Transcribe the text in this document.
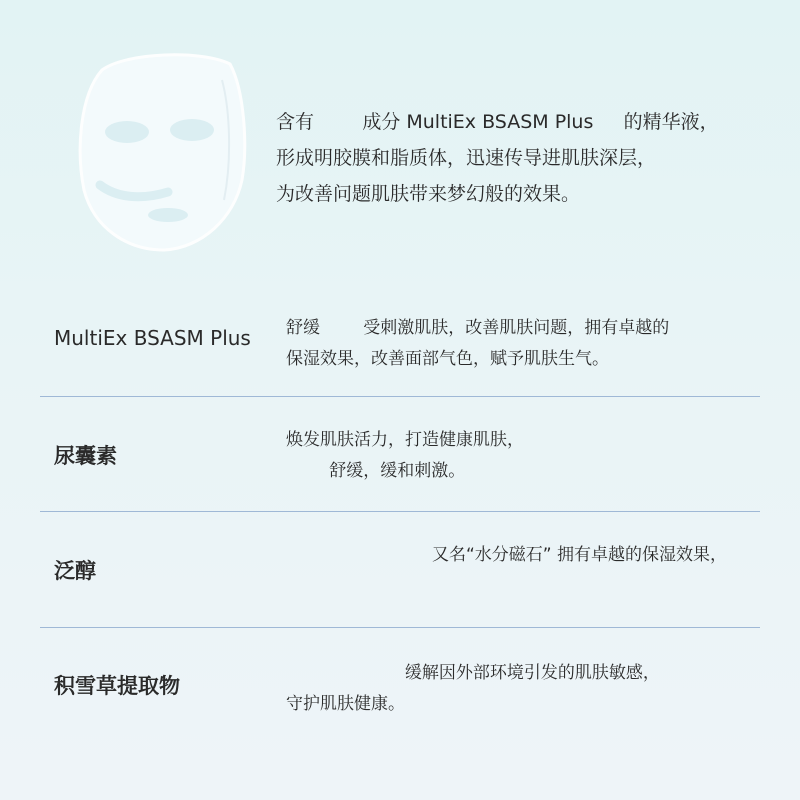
含有        成分 MultiEx BSASM Plus     的精华液，
形成明胶膜和脂质体，迅速传导进肌肤深层，
为改善问题肌肤带来梦幻般的效果。
MultiEx BSASM Plus 舒缓        受刺激肌肤，改善肌肤问题，拥有卓越的
保湿效果，改善面部气色，赋予肌肤生气。
尿囊素
焕发肌肤活力，打造健康肌肤，
舒缓，缓和刺激。
泛醇
又名“水分磁石” 拥有卓越的保湿效果，
积雪草提取物
缓解因外部环境引发的肌肤敏感，
守护肌肤健康。
